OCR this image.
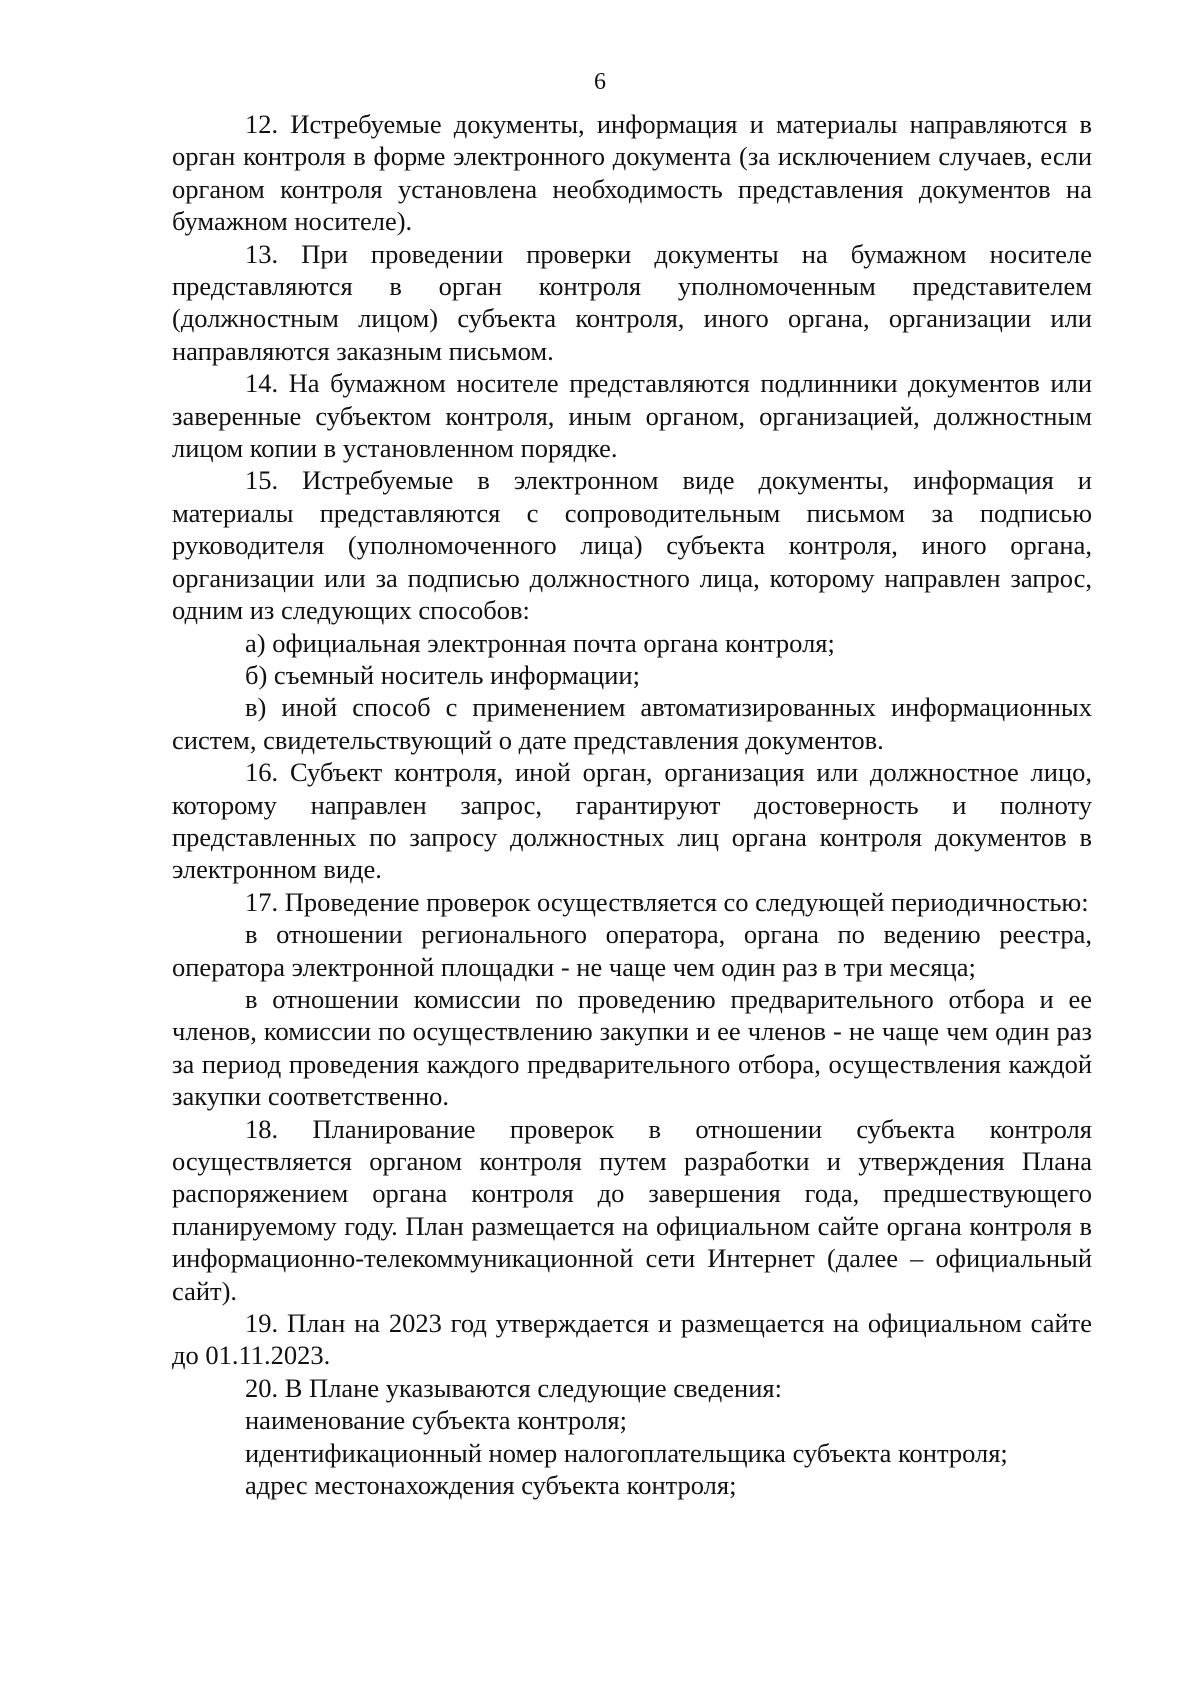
6

12. Истребуемые документы, информация и материалы направляются в орган контроля в форме электронного документа (за исключением случаев, если органом контроля установлена необходимость представления документов на бумажном носителе).

13. При проведении проверки документы на бумажном носителе представляются в орган контроля уполномоченным представителем (должностным лицом) субъекта контроля, иного органа, организации или направляются заказным письмом.

14. На бумажном носителе представляются подлинники документов или заверенные субъектом контроля, иным органом, организацией, должностным лицом копии в установленном порядке.

15. Истребуемые в электронном виде документы, информация и материалы представляются с сопроводительным письмом за подписью руководителя (уполномоченного лица) субъекта контроля, иного органа, организации или за подписью должностного лица, которому направлен запрос, одним из следующих способов:

а) официальная электронная почта органа контроля;

б) съемный носитель информации;

в) иной способ с применением автоматизированных информационных систем, свидетельствующий о дате представления документов.

16. Субъект контроля, иной орган, организация или должностное лицо, которому направлен запрос, гарантируют достоверность и полноту представленных по запросу должностных лиц органа контроля документов в электронном виде.

17. Проведение проверок осуществляется со следующей периодичностью:

в отношении регионального оператора, органа по ведению реестра, оператора электронной площадки - не чаще чем один раз в три месяца;

в отношении комиссии по проведению предварительного отбора и ее членов, комиссии по осуществлению закупки и ее членов - не чаще чем один раз за период проведения каждого предварительного отбора, осуществления каждой закупки соответственно.

18. Планирование проверок в отношении субъекта контроля осуществляется органом контроля путем разработки и утверждения Плана распоряжением органа контроля до завершения года, предшествующего планируемому году. План размещается на официальном сайте органа контроля в информационно-телекоммуникационной сети Интернет (далее – официальный сайт).

19. План на 2023 год утверждается и размещается на официальном сайте до 01.11.2023.

20. В Плане указываются следующие сведения:

наименование субъекта контроля;

идентификационный номер налогоплательщика субъекта контроля;

адрес местонахождения субъекта контроля;
